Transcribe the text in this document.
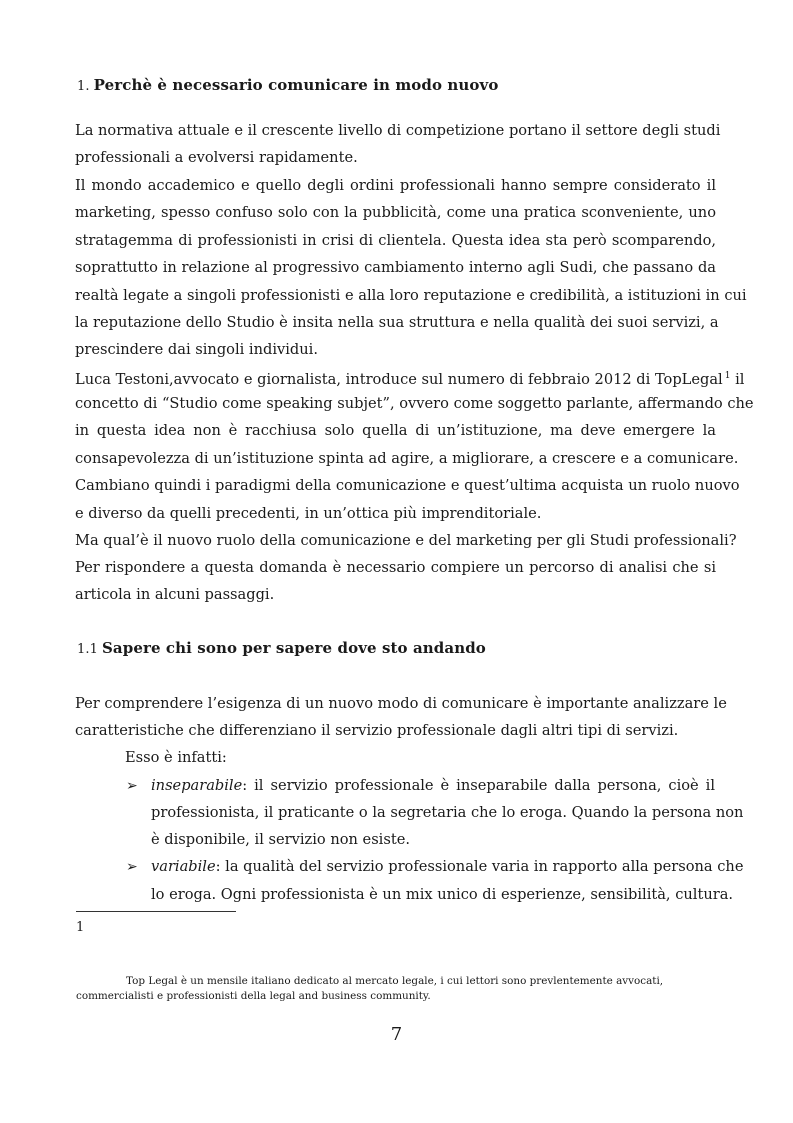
1. Perchè è necessario comunicare in modo nuovo
La normativa attuale e il crescente livello di competizione portano il settore degli studi
professionali a evolversi rapidamente.
Il mondo accademico e quello degli ordini professionali hanno sempre considerato il
marketing, spesso confuso solo con la pubblicità, come una pratica sconveniente, uno
stratagemma di professionisti in crisi di clientela. Questa idea sta però scomparendo,
soprattutto in relazione al progressivo cambiamento interno agli Sudi, che passano da
realtà legate a singoli professionisti e alla loro reputazione e credibilità, a istituzioni in cui
la reputazione dello Studio è insita nella sua struttura e nella qualità dei suoi servizi, a
prescindere dai singoli individui.
Luca Testoni,avvocato e giornalista, introduce sul numero di febbraio 2012 di TopLegal $^1$ il
concetto di “Studio come speaking subjet”, ovvero come soggetto parlante, affermando che
in questa idea non è racchiusa solo quella di un’istituzione, ma deve emergere la
consapevolezza di un’istituzione spinta ad agire, a migliorare, a crescere e a comunicare.
Cambiano quindi i paradigmi della comunicazione e quest’ultima acquista un ruolo nuovo
e diverso da quelli precedenti, in un’ottica più imprenditoriale.
Ma qual’è il nuovo ruolo della comunicazione e del marketing per gli Studi professionali?
Per rispondere a questa domanda è necessario compiere un percorso di analisi che si
articola in alcuni passaggi.
1.1 Sapere chi sono per sapere dove sto andando
Per comprendere l’esigenza di un nuovo modo di comunicare è importante analizzare le
caratteristiche che differenziano il servizio professionale dagli altri tipi di servizi.
Esso è infatti:
➢ inseparabile: il servizio professionale è inseparabile dalla persona, cioè il
professionista, il praticante o la segretaria che lo eroga. Quando la persona non
è disponibile, il servizio non esiste.
➢ variabile: la qualità del servizio professionale varia in rapporto alla persona che
lo eroga. Ogni professionista è un mix unico di esperienze, sensibilità, cultura.
1
Top Legal è un mensile italiano dedicato al mercato legale, i cui lettori sono prevlentemente avvocati,
commercialisti e professionisti della legal and business community.
7
